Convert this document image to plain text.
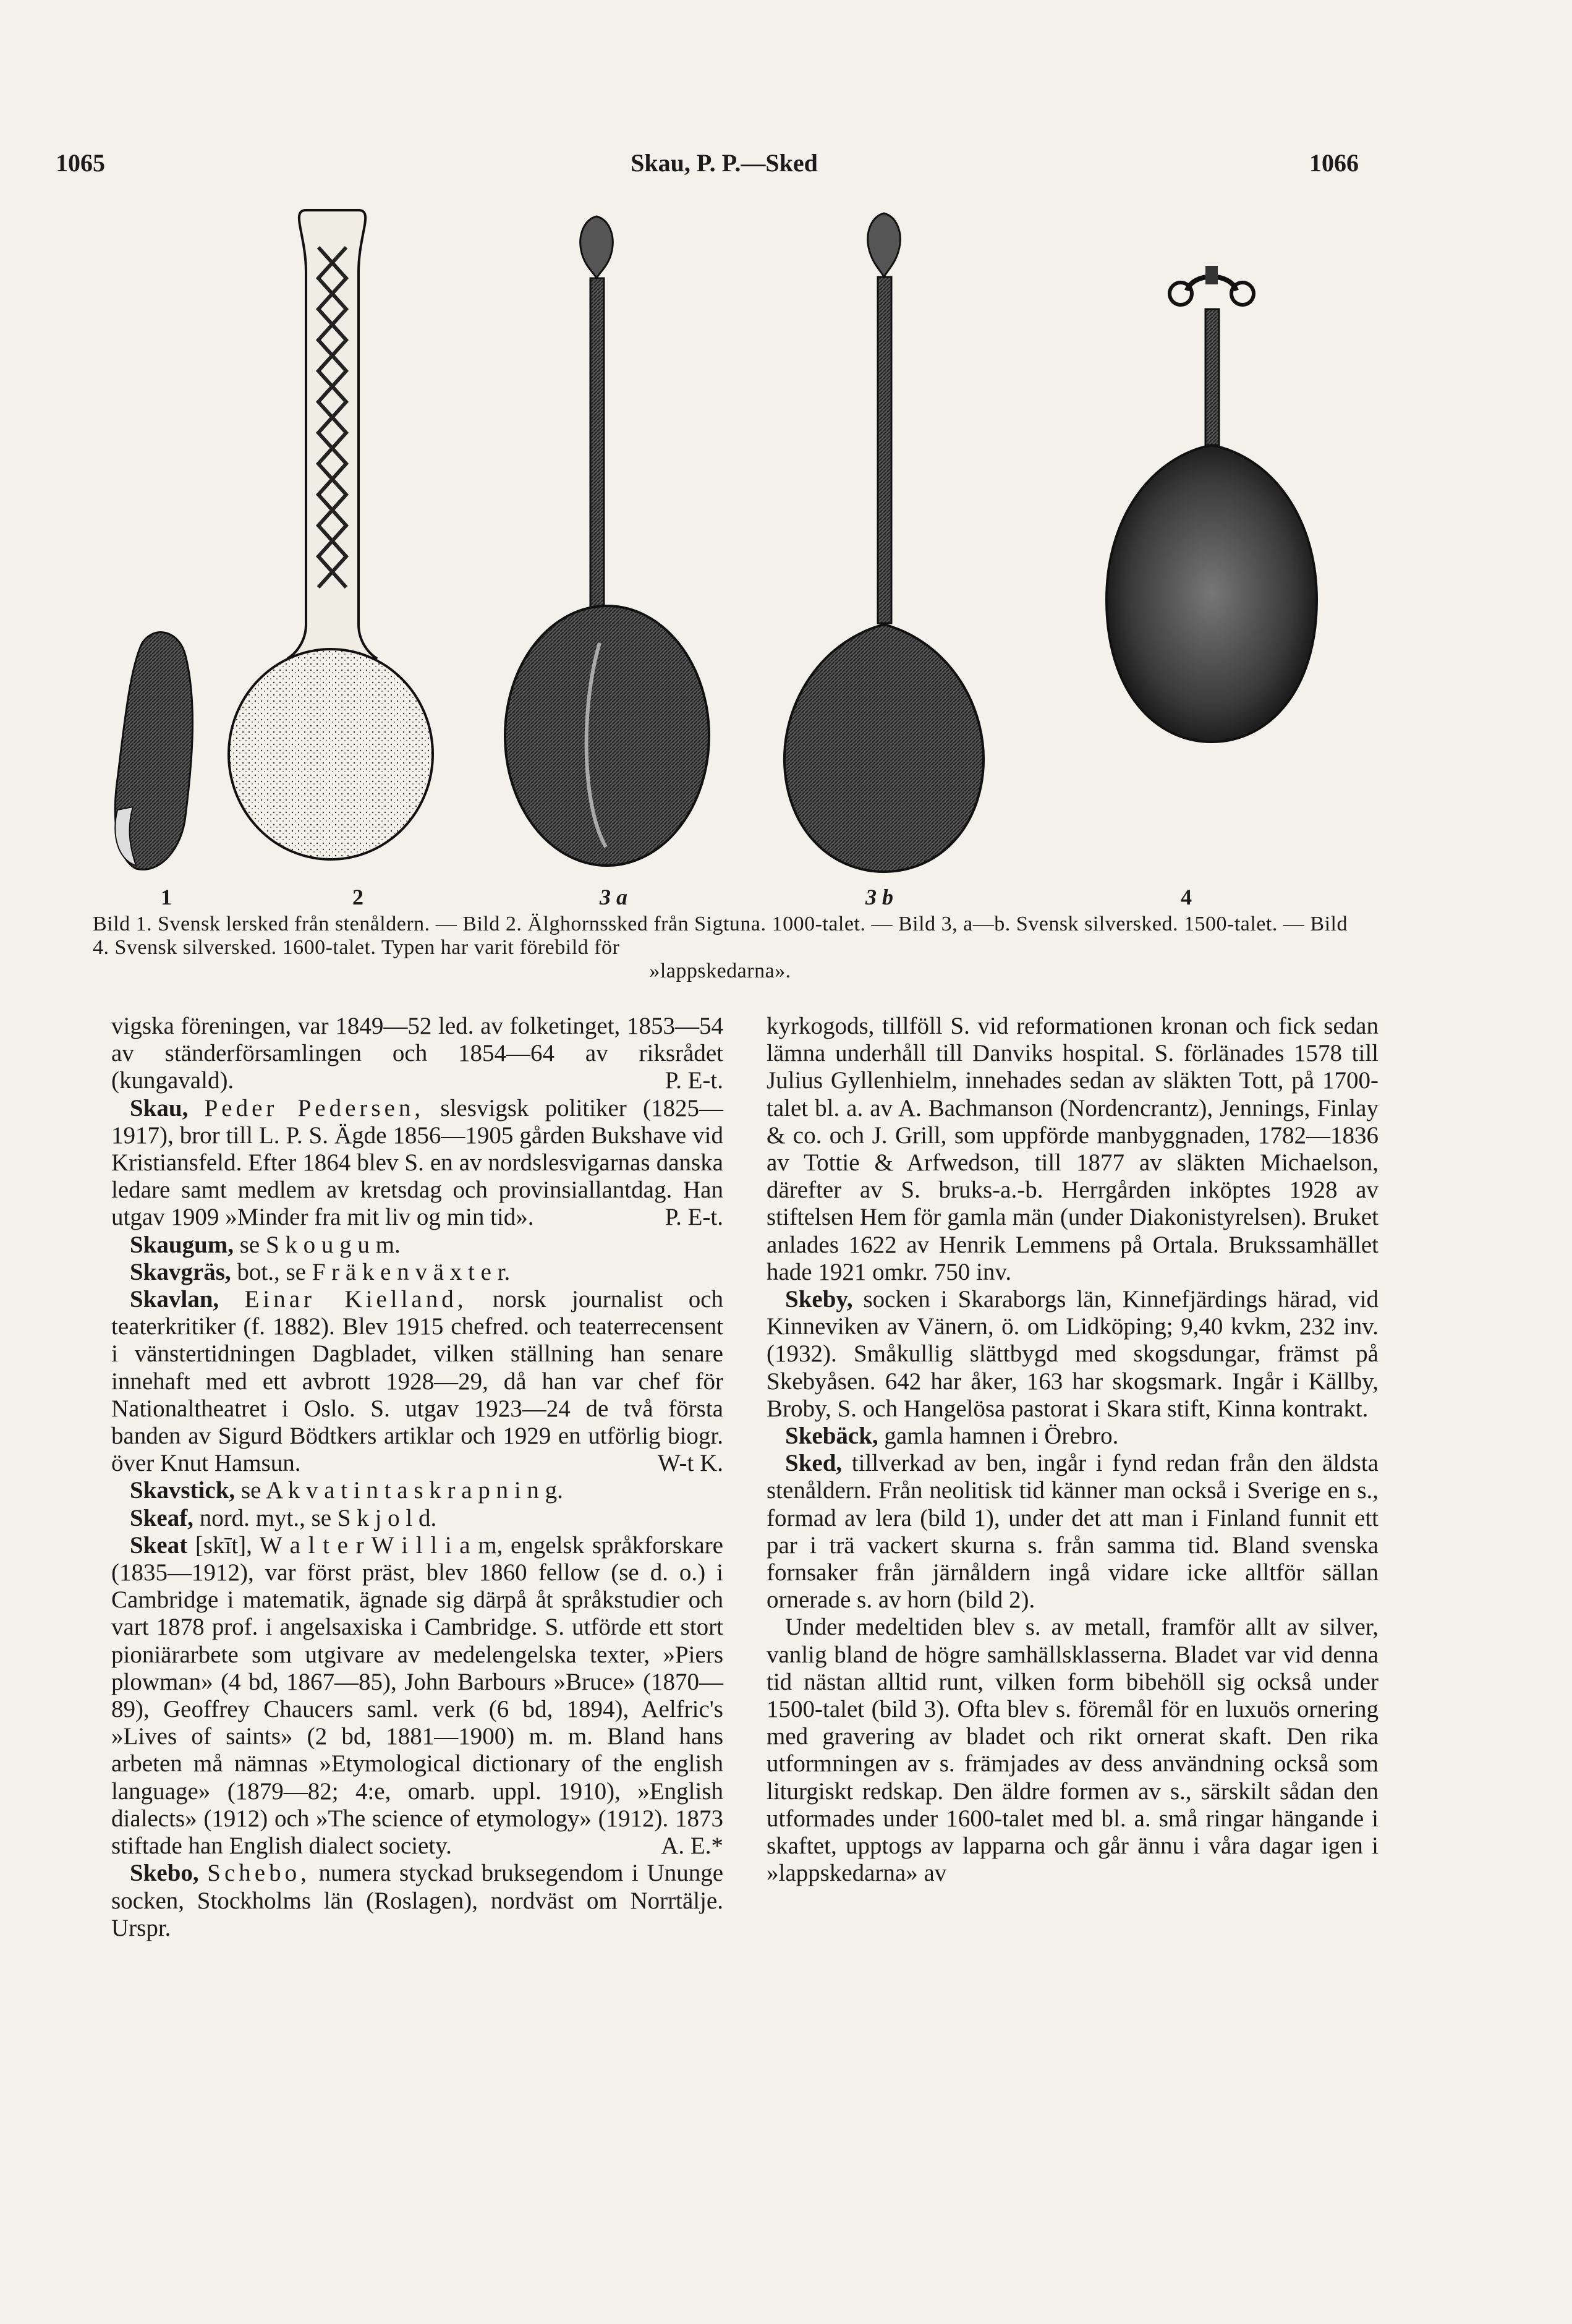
1065	Skau, P. P.—Sked	1066
1	2	3 a	3 b	4
Bild 1. Svensk lersked från stenåldern. — Bild 2. Älghornssked från Sigtuna. 1000-talet. — Bild 3, a—b. Svensk silversked. 1500-talet. — Bild 4. Svensk silversked. 1600-talet. Typen har varit förebild för
»lappskedarna».

vigska föreningen, var 1849—52 led. av folketinget, 1853—54 av ständerförsamlingen och 1854—64 av riksrådet (kungavald).	P. E-t.

Skau, Peder Pedersen, slesvigsk politiker (1825—1917), bror till L. P. S. Ägde 1856—1905 gården Bukshave vid Kristiansfeld. Efter 1864 blev S. en av nordslesvigarnas danska ledare samt medlem av kretsdag och provinsiallantdag. Han utgav 1909 »Minder fra mit liv og min tid».	P. E-t.

Skaugum, se S k o u g u m.

Skavgräs, bot., se F r ä k e n v ä x t e r.

Skavlan, Einar Kielland, norsk journalist och teaterkritiker (f. 1882). Blev 1915 chefred. och teaterrecensent i vänstertidningen Dagbladet, vilken ställning han senare innehaft med ett avbrott 1928—29, då han var chef för Nationaltheatret i Oslo. S. utgav 1923—24 de två första banden av Sigurd Bödtkers artiklar och 1929 en utförlig biogr. över Knut Hamsun.	W-t K.

Skavstick, se A k v a t i n t a s k r a p n i n g.

Skeaf, nord. myt., se S k j o l d.

Skeat [skīt], W a l t e r W i l l i a m, engelsk språkforskare (1835—1912), var först präst, blev 1860 fellow (se d. o.) i Cambridge i matematik, ägnade sig därpå åt språkstudier och vart 1878 prof. i angelsaxiska i Cambridge. S. utförde ett stort pioniärarbete som utgivare av medelengelska texter, »Piers plowman» (4 bd, 1867—85), John Barbours »Bruce» (1870—89), Geoffrey Chaucers saml. verk (6 bd, 1894), Aelfric's »Lives of saints» (2 bd, 1881—1900) m. m. Bland hans arbeten må nämnas »Etymological dictionary of the english language» (1879—82; 4:e, omarb. uppl. 1910), »English dialects» (1912) och »The science of etymology» (1912). 1873 stiftade han English dialect society.	A. E.*

Skebo, Schebo, numera styckad bruksegendom i Ununge socken, Stockholms län (Roslagen), nordväst om Norrtälje. Urspr.

kyrkogods, tillföll S. vid reformationen kronan och fick sedan lämna underhåll till Danviks hospital. S. förlänades 1578 till Julius Gyllenhielm, innehades sedan av släkten Tott, på 1700-talet bl. a. av A. Bachmanson (Nordencrantz), Jennings, Finlay & co. och J. Grill, som uppförde manbyggnaden, 1782—1836 av Tottie & Arfwedson, till 1877 av släkten Michaelson, därefter av S. bruks-a.-b. Herrgården inköptes 1928 av stiftelsen Hem för gamla män (under Diakonistyrelsen). Bruket anlades 1622 av Henrik Lemmens på Ortala. Brukssamhället hade 1921 omkr. 750 inv.

Skeby, socken i Skaraborgs län, Kinnefjärdings härad, vid Kinneviken av Vänern, ö. om Lidköping; 9,40 kvkm, 232 inv. (1932). Småkullig slättbygd med skogsdungar, främst på Skebyåsen. 642 har åker, 163 har skogsmark. Ingår i Källby, Broby, S. och Hangelösa pastorat i Skara stift, Kinna kontrakt.

Skebäck, gamla hamnen i Örebro.

Sked, tillverkad av ben, ingår i fynd redan från den äldsta stenåldern. Från neolitisk tid känner man också i Sverige en s., formad av lera (bild 1), under det att man i Finland funnit ett par i trä vackert skurna s. från samma tid. Bland svenska fornsaker från järnåldern ingå vidare icke alltför sällan ornerade s. av horn (bild 2).

Under medeltiden blev s. av metall, framför allt av silver, vanlig bland de högre samhällsklasserna. Bladet var vid denna tid nästan alltid runt, vilken form bibehöll sig också under 1500-talet (bild 3). Ofta blev s. föremål för en luxuös ornering med gravering av bladet och rikt ornerat skaft. Den rika utformningen av s. främjades av dess användning också som liturgiskt redskap. Den äldre formen av s., särskilt sådan den utformades under 1600-talet med bl. a. små ringar hängande i skaftet, upptogs av lapparna och går ännu i våra dagar igen i »lappskedarna» av
